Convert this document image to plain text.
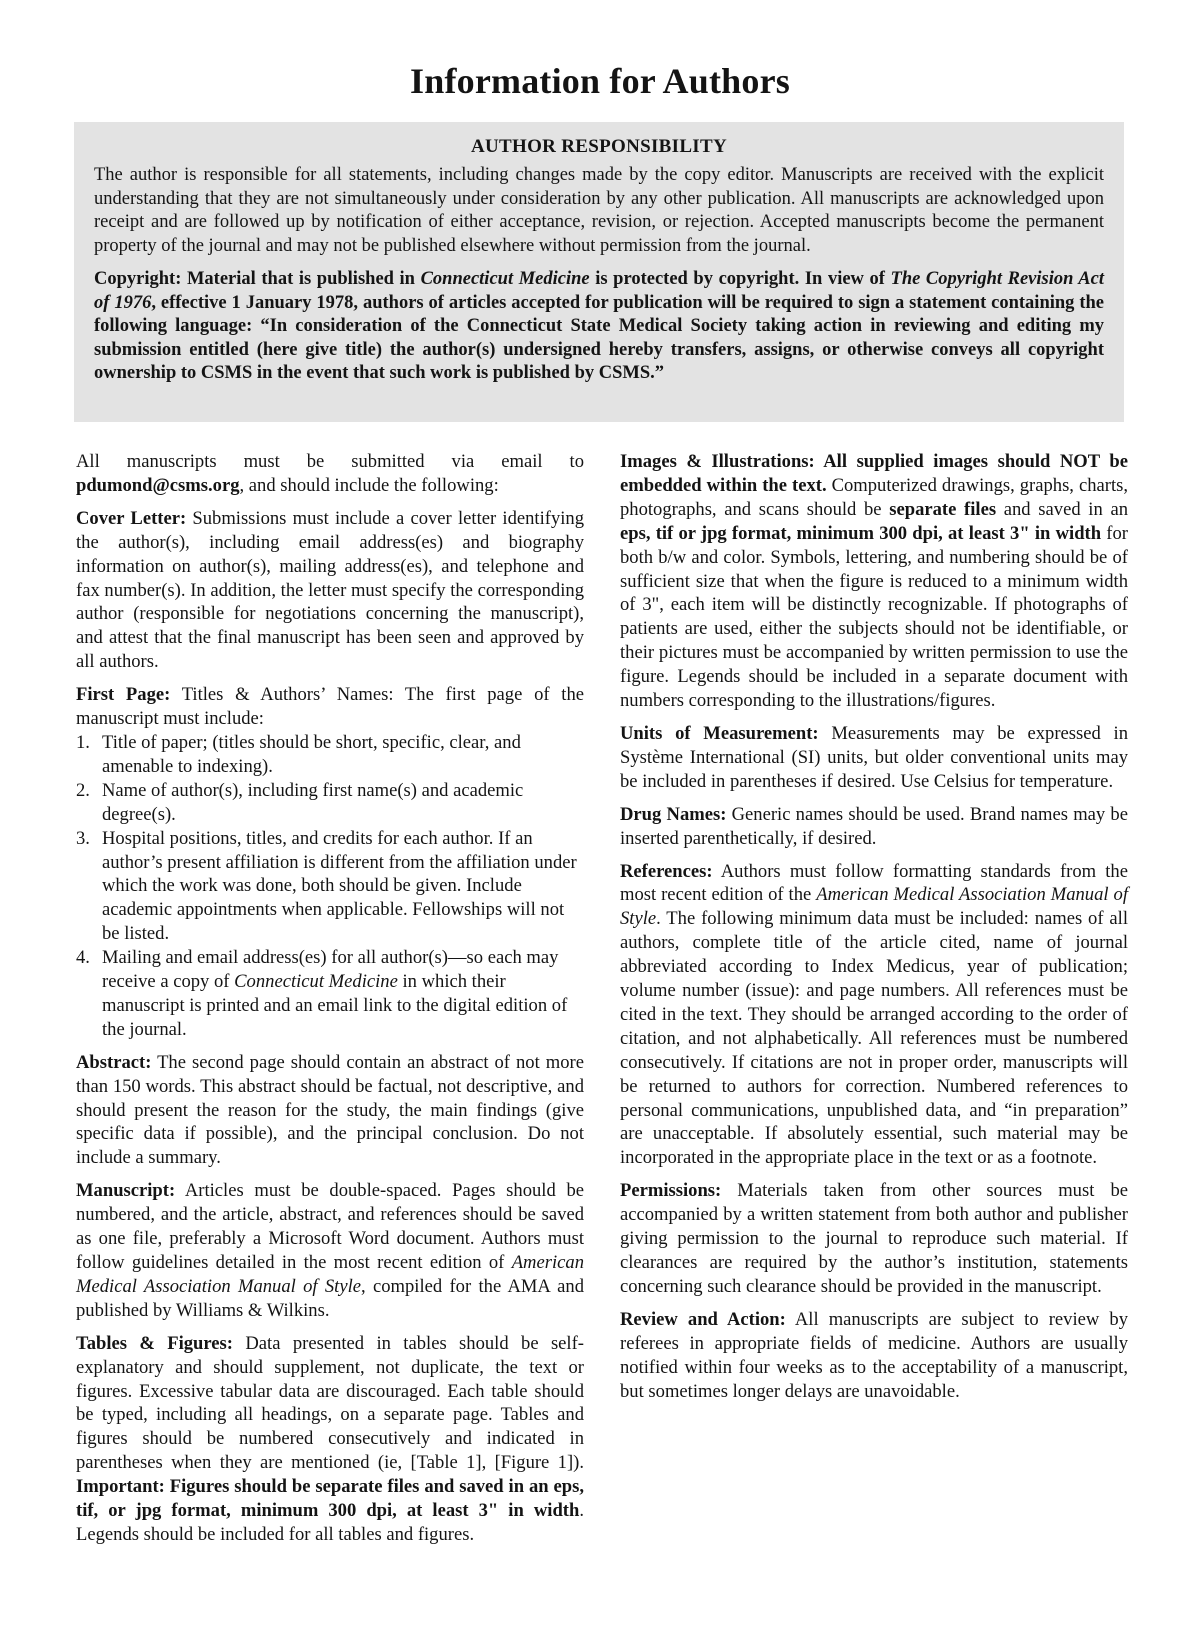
Information for Authors
AUTHOR RESPONSIBILITY

The author is responsible for all statements, including changes made by the copy editor. Manuscripts are received with the explicit understanding that they are not simultaneously under consideration by any other publication. All manuscripts are acknowledged upon receipt and are followed up by notification of either acceptance, revision, or rejection. Accepted manuscripts become the permanent property of the journal and may not be published elsewhere without permission from the journal.

Copyright: Material that is published in Connecticut Medicine is protected by copyright. In view of The Copyright Revision Act of 1976, effective 1 January 1978, authors of articles accepted for publication will be required to sign a statement containing the following language: “In consideration of the Connecticut State Medical Society taking action in reviewing and editing my submission entitled (here give title) the author(s) undersigned hereby transfers, assigns, or otherwise conveys all copyright ownership to CSMS in the event that such work is published by CSMS.”

All manuscripts must be submitted via email to pdumond@csms.org, and should include the following:

Cover Letter: Submissions must include a cover letter identifying the author(s), including email address(es) and biography information on author(s), mailing address(es), and telephone and fax number(s). In addition, the letter must specify the corresponding author (responsible for negotiations concerning the manuscript), and attest that the final manuscript has been seen and approved by all authors.

First Page: Titles & Authors’ Names: The first page of the manuscript must include:

1. Title of paper; (titles should be short, specific, clear, and amenable to indexing).
2. Name of author(s), including first name(s) and academic degree(s).
3. Hospital positions, titles, and credits for each author. If an author’s present affiliation is different from the affiliation under which the work was done, both should be given. Include academic appointments when applicable. Fellowships will not be listed.
4. Mailing and email address(es) for all author(s)—so each may receive a copy of Connecticut Medicine in which their manuscript is printed and an email link to the digital edition of the journal.

Abstract: The second page should contain an abstract of not more than 150 words. This abstract should be factual, not descriptive, and should present the reason for the study, the main findings (give specific data if possible), and the principal conclusion. Do not include a summary.

Manuscript: Articles must be double-spaced. Pages should be numbered, and the article, abstract, and references should be saved as one file, preferably a Microsoft Word document. Authors must follow guidelines detailed in the most recent edition of American Medical Association Manual of Style, compiled for the AMA and published by Williams & Wilkins.

Tables & Figures: Data presented in tables should be self-explanatory and should supplement, not duplicate, the text or figures. Excessive tabular data are discouraged. Each table should be typed, including all headings, on a separate page. Tables and figures should be numbered consecutively and indicated in parentheses when they are mentioned (ie, [Table 1], [Figure 1]). Important: Figures should be separate files and saved in an eps, tif, or jpg format, minimum 300 dpi, at least 3" in width. Legends should be included for all tables and figures.

Images & Illustrations: All supplied images should NOT be embedded within the text. Computerized drawings, graphs, charts, photographs, and scans should be separate files and saved in an eps, tif or jpg format, minimum 300 dpi, at least 3" in width for both b/w and color. Symbols, lettering, and numbering should be of sufficient size that when the figure is reduced to a minimum width of 3", each item will be distinctly recognizable. If photographs of patients are used, either the subjects should not be identifiable, or their pictures must be accompanied by written permission to use the figure. Legends should be included in a separate document with numbers corresponding to the illustrations/figures.

Units of Measurement: Measurements may be expressed in Système International (SI) units, but older conventional units may be included in parentheses if desired. Use Celsius for temperature.

Drug Names: Generic names should be used. Brand names may be inserted parenthetically, if desired.

References: Authors must follow formatting standards from the most recent edition of the American Medical Association Manual of Style. The following minimum data must be included: names of all authors, complete title of the article cited, name of journal abbreviated according to Index Medicus, year of publication; volume number (issue): and page numbers. All references must be cited in the text. They should be arranged according to the order of citation, and not alphabetically. All references must be numbered consecutively. If citations are not in proper order, manuscripts will be returned to authors for correction. Numbered references to personal communications, unpublished data, and “in preparation” are unacceptable. If absolutely essential, such material may be incorporated in the appropriate place in the text or as a footnote.

Permissions: Materials taken from other sources must be accompanied by a written statement from both author and publisher giving permission to the journal to reproduce such material. If clearances are required by the author’s institution, statements concerning such clearance should be provided in the manuscript.

Review and Action: All manuscripts are subject to review by referees in appropriate fields of medicine. Authors are usually notified within four weeks as to the acceptability of a manuscript, but sometimes longer delays are unavoidable.
